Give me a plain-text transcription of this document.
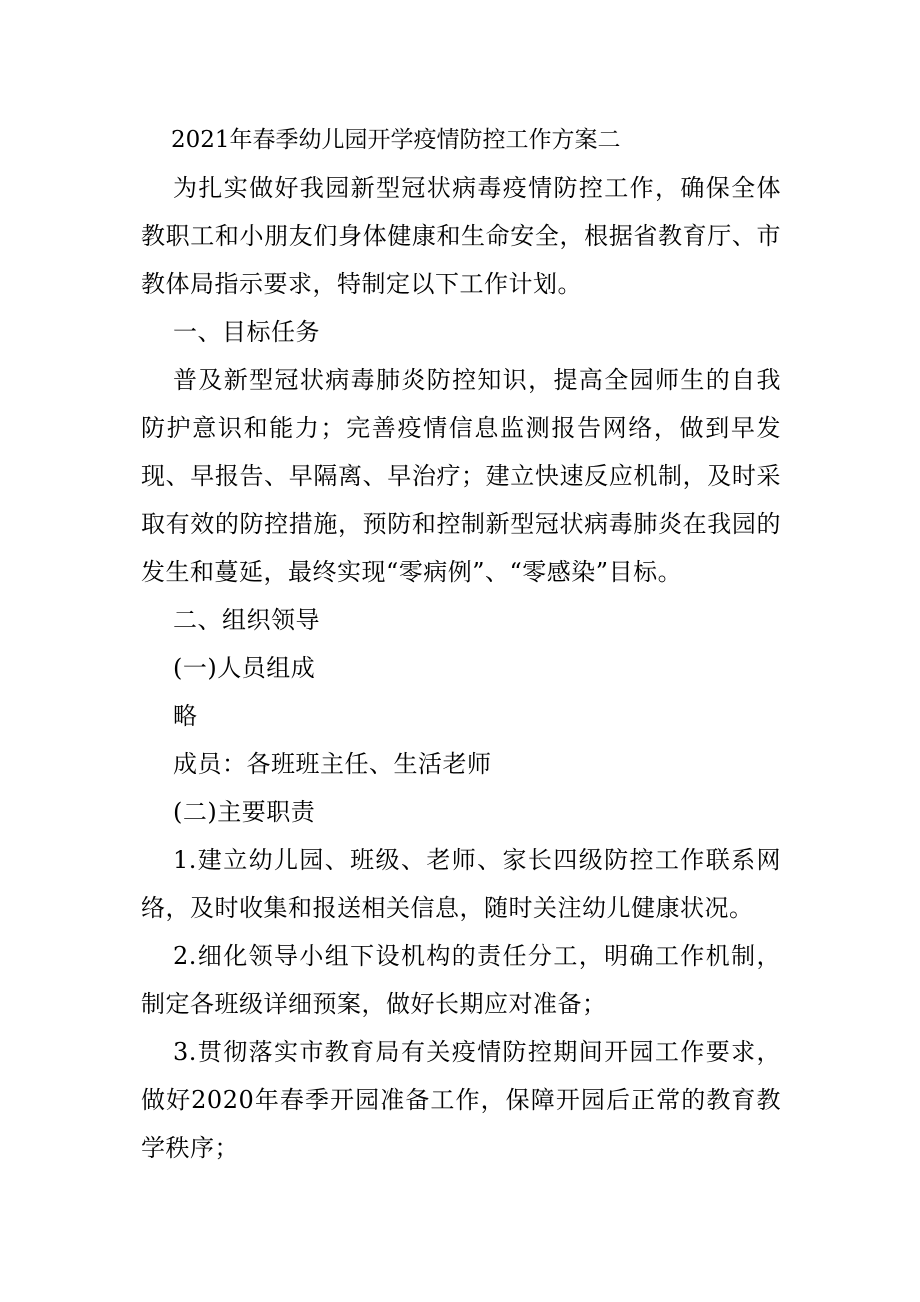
2021年春季幼儿园开学疫情防控工作方案二

为扎实做好我园新型冠状病毒疫情防控工作，确保全体教职工和小朋友们身体健康和生命安全，根据省教育厅、市教体局指示要求，特制定以下工作计划。

一、目标任务

普及新型冠状病毒肺炎防控知识，提高全园师生的自我防护意识和能力；完善疫情信息监测报告网络，做到早发现、早报告、早隔离、早治疗；建立快速反应机制，及时采取有效的防控措施，预防和控制新型冠状病毒肺炎在我园的发生和蔓延，最终实现“零病例”、“零感染”目标。

二、组织领导

(一)人员组成

略

成员：各班班主任、生活老师

(二)主要职责

1.建立幼儿园、班级、老师、家长四级防控工作联系网络，及时收集和报送相关信息，随时关注幼儿健康状况。

2.细化领导小组下设机构的责任分工，明确工作机制，制定各班级详细预案，做好长期应对准备；

3.贯彻落实市教育局有关疫情防控期间开园工作要求，做好2020年春季开园准备工作，保障开园后正常的教育教学秩序；
